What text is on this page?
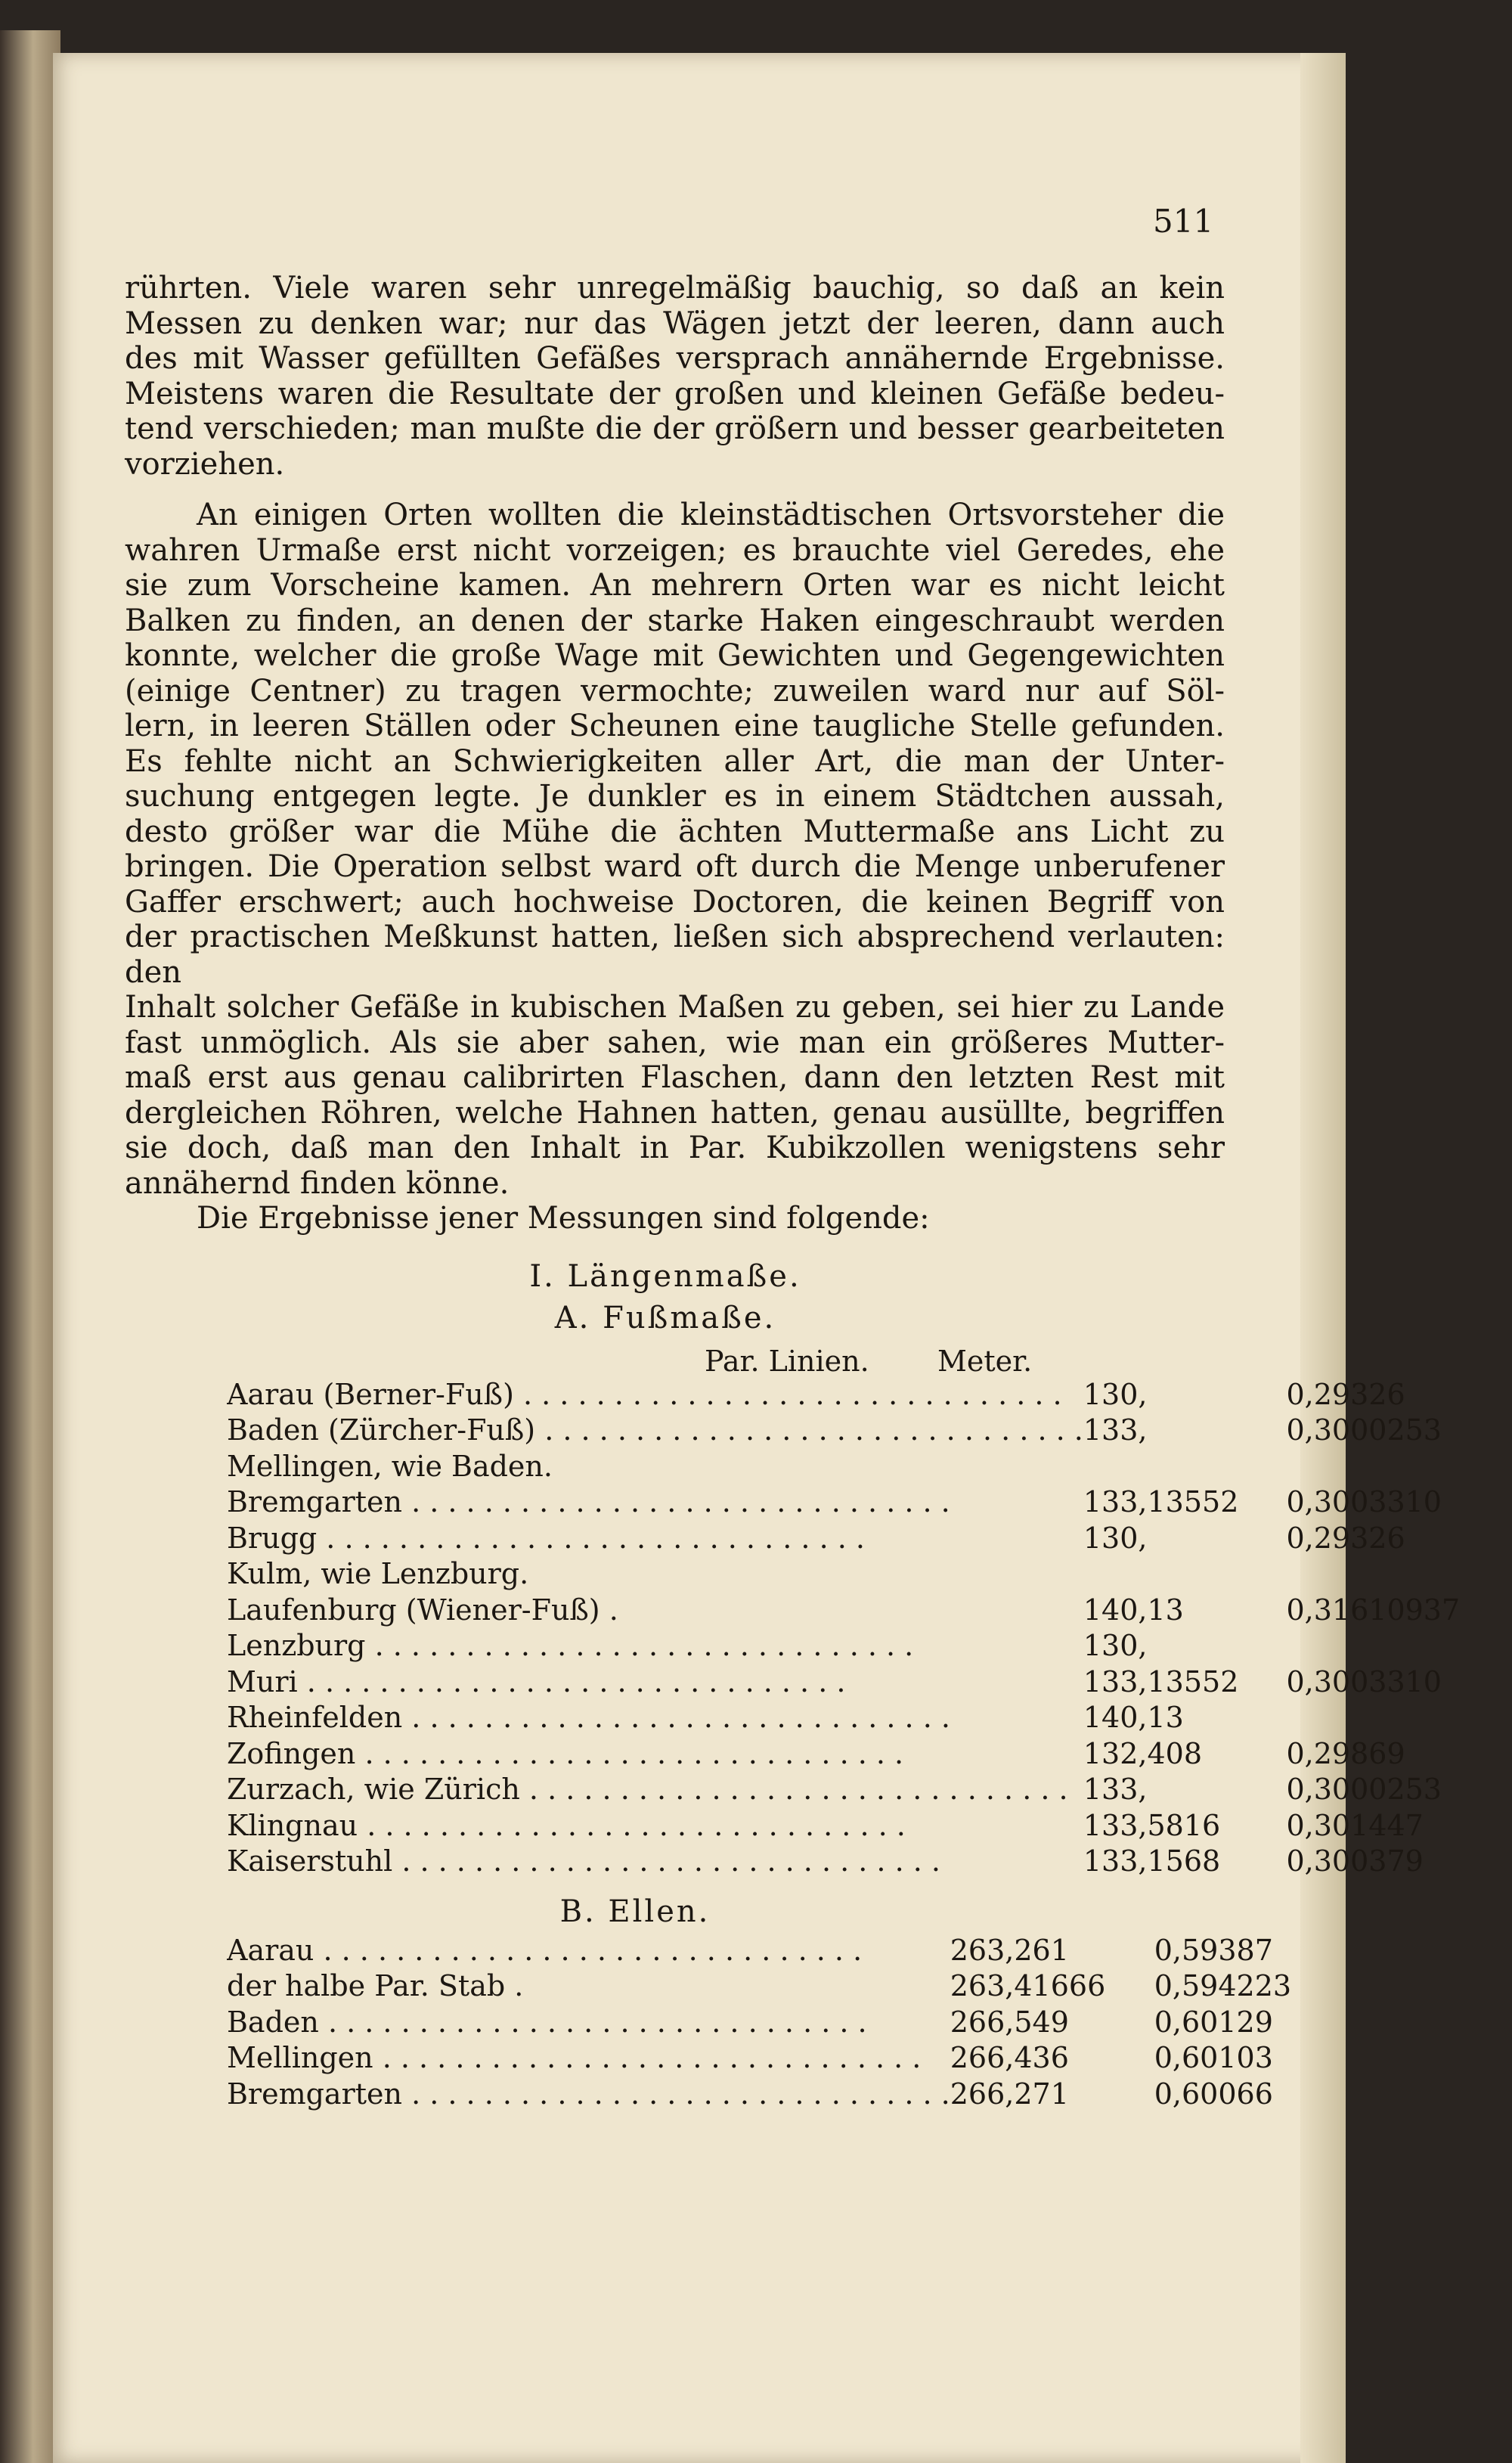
511
rührten. Viele waren sehr unregelmäßig bauchig, so daß an kein
Messen zu denken war; nur das Wägen jetzt der leeren, dann auch
des mit Wasser gefüllten Gefäßes versprach annähernde Ergebnisse.
Meistens waren die Resultate der großen und kleinen Gefäße bedeu-
tend verschieden; man mußte die der größern und besser gearbeiteten
vorziehen.
An einigen Orten wollten die kleinstädtischen Ortsvorsteher die
wahren Urmaße erst nicht vorzeigen; es brauchte viel Geredes, ehe
sie zum Vorscheine kamen. An mehrern Orten war es nicht leicht
Balken zu finden, an denen der starke Haken eingeschraubt werden
konnte, welcher die große Wage mit Gewichten und Gegengewichten
(einige Centner) zu tragen vermochte; zuweilen ward nur auf Söl-
lern, in leeren Ställen oder Scheunen eine taugliche Stelle gefunden.
Es fehlte nicht an Schwierigkeiten aller Art, die man der Unter-
suchung entgegen legte. Je dunkler es in einem Städtchen aussah,
desto größer war die Mühe die ächten Muttermaße ans Licht zu
bringen. Die Operation selbst ward oft durch die Menge unberufener
Gaffer erschwert; auch hochweise Doctoren, die keinen Begriff von
der practischen Meßkunst hatten, ließen sich absprechend verlauten: den
Inhalt solcher Gefäße in kubischen Maßen zu geben, sei hier zu Lande
fast unmöglich. Als sie aber sahen, wie man ein größeres Mutter-
maß erst aus genau calibrirten Flaschen, dann den letzten Rest mit
dergleichen Röhren, welche Hahnen hatten, genau ausüllte, begriffen
sie doch, daß man den Inhalt in Par. Kubikzollen wenigstens sehr
annähernd finden könne.
Die Ergebnisse jener Messungen sind folgende:
I. Längenmaße.
A. Fußmaße.
Par. Linien. Meter.
Aarau (Berner-Fuß) . . .	130,	0,29326
Baden (Zürcher-Fuß) . . .	133,	0,3000253
Mellingen, wie Baden.		
Bremgarten . . .	133,13552	0,3003310
Brugg . . .	130,	0,29326
Kulm, wie Lenzburg.		
Laufenburg (Wiener-Fuß) .	140,13	0,31610937
Lenzburg . . .	130,	
Muri . . .	133,13552	0,3003310
Rheinfelden . . .	140,13	
Zofingen . . .	132,408	0,29869
Zurzach, wie Zürich . . .	133,	0,3000253
Klingnau . . .	133,5816	0,301447
Kaiserstuhl . . .	133,1568	0,300379
B. Ellen.
Aarau . . .	263,261	0,59387
der halbe Par. Stab .	263,41666	0,594223
Baden . . .	266,549	0,60129
Mellingen . . .	266,436	0,60103
Bremgarten . . .	266,271	0,60066
